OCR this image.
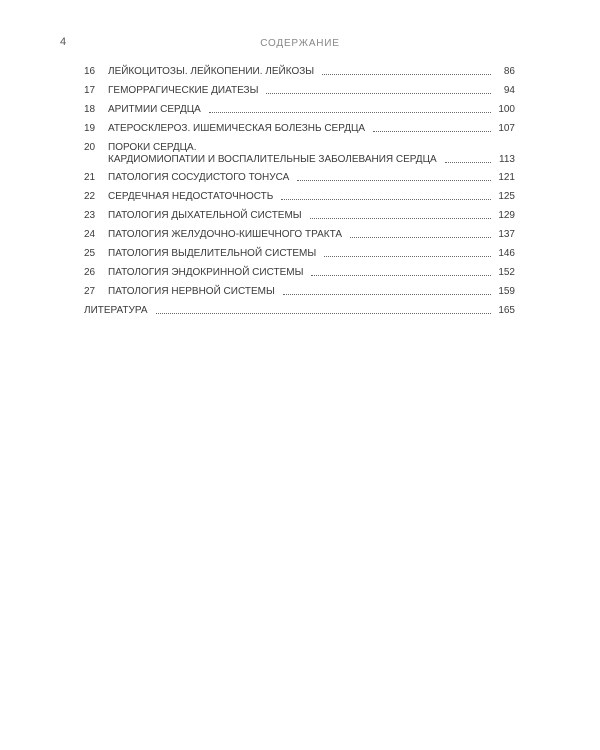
4	СОДЕРЖАНИЕ
16	ЛЕЙКОЦИТОЗЫ. ЛЕЙКОПЕНИИ. ЛЕЙКОЗЫ	86
17	ГЕМОРРАГИЧЕСКИЕ ДИАТЕЗЫ	94
18	АРИТМИИ СЕРДЦА	100
19	АТЕРОСКЛЕРОЗ. ИШЕМИЧЕСКАЯ БОЛЕЗНЬ СЕРДЦА	107
20	ПОРОКИ СЕРДЦА.
КАРДИОМИОПАТИИ И ВОСПАЛИТЕЛЬНЫЕ ЗАБОЛЕВАНИЯ СЕРДЦА	113
21	ПАТОЛОГИЯ СОСУДИСТОГО ТОНУСА	121
22	СЕРДЕЧНАЯ НЕДОСТАТОЧНОСТЬ	125
23	ПАТОЛОГИЯ ДЫХАТЕЛЬНОЙ СИСТЕМЫ	129
24	ПАТОЛОГИЯ ЖЕЛУДОЧНО-КИШЕЧНОГО ТРАКТА	137
25	ПАТОЛОГИЯ ВЫДЕЛИТЕЛЬНОЙ СИСТЕМЫ	146
26	ПАТОЛОГИЯ ЭНДОКРИННОЙ СИСТЕМЫ	152
27	ПАТОЛОГИЯ НЕРВНОЙ СИСТЕМЫ	159
ЛИТЕРАТУРА	165
